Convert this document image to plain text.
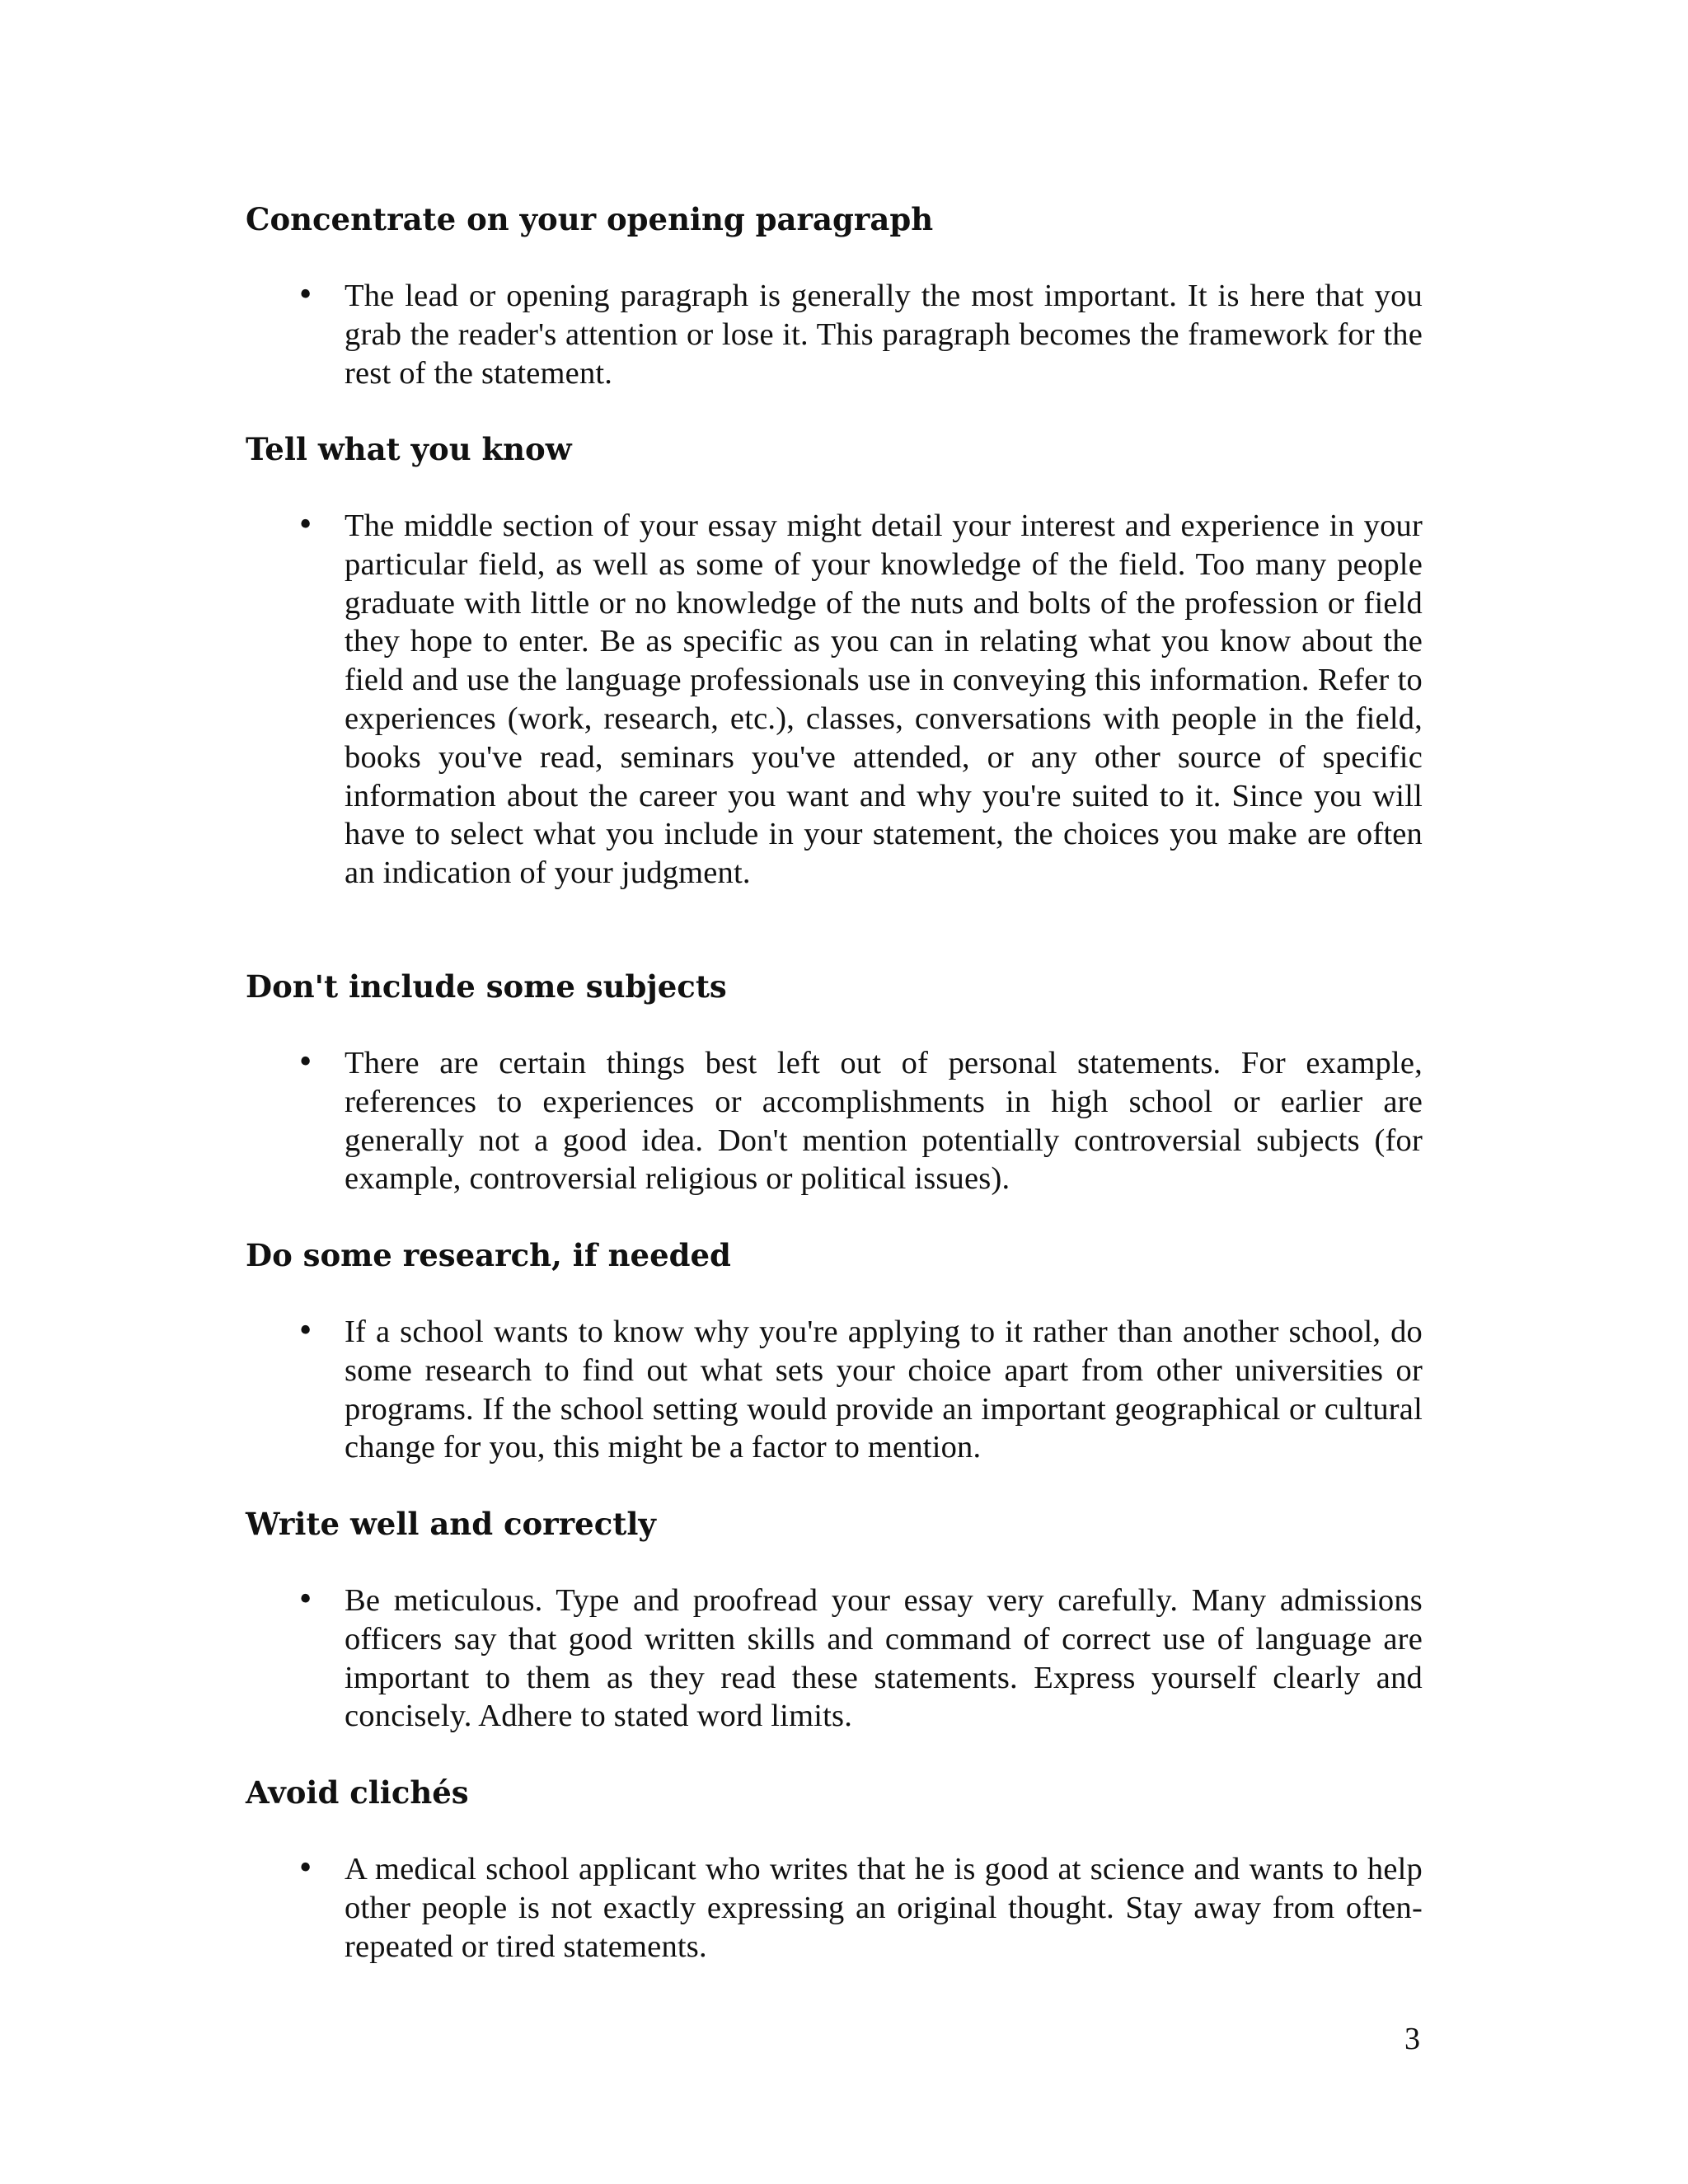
Concentrate on your opening paragraph
• The lead or opening paragraph is generally the most important. It is here that you grab the reader's attention or lose it. This paragraph becomes the framework for the rest of the statement.

Tell what you know
• The middle section of your essay might detail your interest and experience in your particular field, as well as some of your knowledge of the field. Too many people graduate with little or no knowledge of the nuts and bolts of the profession or field they hope to enter. Be as specific as you can in relating what you know about the field and use the language professionals use in conveying this information. Refer to experiences (work, research, etc.), classes, conversations with people in the field, books you've read, seminars you've attended, or any other source of specific information about the career you want and why you're suited to it. Since you will have to select what you include in your statement, the choices you make are often an indication of your judgment.

Don't include some subjects
• There are certain things best left out of personal statements. For example, references to experiences or accomplishments in high school or earlier are generally not a good idea. Don't mention potentially controversial subjects (for example, controversial religious or political issues).

Do some research, if needed
• If a school wants to know why you're applying to it rather than another school, do some research to find out what sets your choice apart from other universities or programs. If the school setting would provide an important geographical or cultural change for you, this might be a factor to mention.

Write well and correctly
• Be meticulous. Type and proofread your essay very carefully. Many admissions officers say that good written skills and command of correct use of language are important to them as they read these statements. Express yourself clearly and concisely. Adhere to stated word limits.

Avoid clichés
• A medical school applicant who writes that he is good at science and wants to help other people is not exactly expressing an original thought. Stay away from often-repeated or tired statements.

3
